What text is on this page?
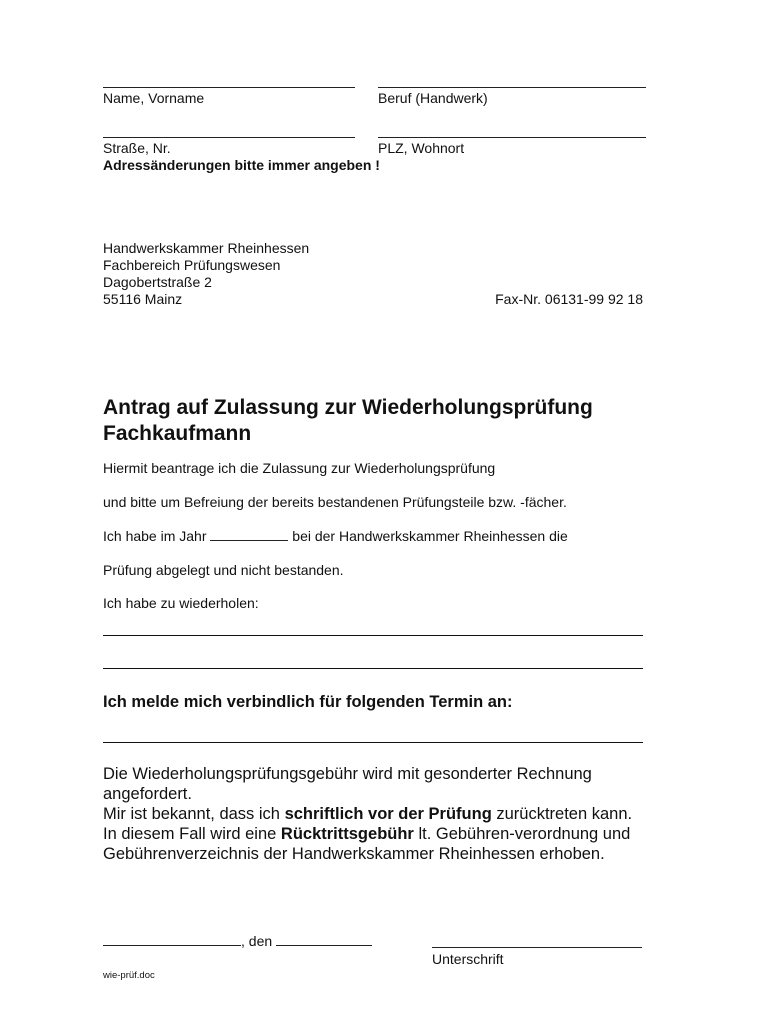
Name, Vorname	Beruf (Handwerk)
Straße, Nr.	PLZ, Wohnort
Adressänderungen bitte immer angeben !
Handwerkskammer Rheinhessen
Fachbereich Prüfungswesen
Dagobertstraße 2
55116 Mainz	Fax-Nr. 06131-99 92 18
Antrag auf Zulassung zur Wiederholungsprüfung
Fachkaufmann
Hiermit beantrage ich die Zulassung zur Wiederholungsprüfung
und bitte um Befreiung der bereits bestandenen Prüfungsteile bzw. -fächer.
Ich habe im Jahr	bei der Handwerkskammer Rheinhessen die
Prüfung abgelegt und nicht bestanden.
Ich habe zu wiederholen:
Ich melde mich verbindlich für folgenden Termin an:
Die Wiederholungsprüfungsgebühr wird mit gesonderter Rechnung angefordert.
Mir ist bekannt, dass ich schriftlich vor der Prüfung zurücktreten kann. In diesem Fall wird eine Rücktrittsgebühr lt. Gebühren-verordnung und Gebührenverzeichnis der Handwerkskammer Rheinhessen erhoben.
, den
Unterschrift
wie-prüf.doc
